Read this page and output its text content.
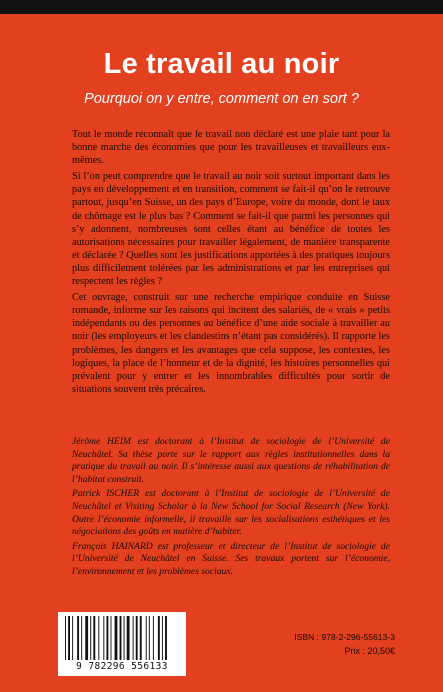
Le travail au noir
Pourquoi on y entre, comment on en sort ?

Tout le monde reconnaît que le travail non déclaré est une plaie tant pour la bonne marche des économies que pour les travailleuses et travailleurs eux-mêmes.

Si l’on peut comprendre que le travail au noir soit surtout important dans les pays en développement et en transition, comment se fait-il qu’on le retrouve partout, jusqu’en Suisse, un des pays d’Europe, voire du monde, dont le taux de chômage est le plus bas ? Comment se fait-il que parmi les personnes qui s’y adonnent, nombreuses sont celles étant au bénéfice de toutes les autorisations nécessaires pour travailler légalement, de manière transparente et déclarée ? Quelles sont les justifications apportées à des pratiques toujours plus difficilement tolérées par les administrations et par les entreprises qui respectent les règles ?

Cet ouvrage, construit sur une recherche empirique conduite en Suisse romande, informe sur les raisons qui incitent des salariés, de « vrais » petits indépendants ou des personnes au bénéfice d’une aide sociale à travailler au noir (les employeurs et les clandestins n’étant pas considérés). Il rapporte les problèmes, les dangers et les avantages que cela suppose, les contextes, les logiques, la place de l’honneur et de la dignité, les histoires personnelles qui prévalent pour y entrer et les innombrables difficultés pour sortir de situations souvent très précaires.

Jérôme HEIM est doctorant à l’Institut de sociologie de l’Université de Neuchâtel. Sa thèse porte sur le rapport aux règles institutionnelles dans la pratique du travail au noir. Il s’intéresse aussi aux questions de réhabilitation de l’habitat construit.

Patrick ISCHER est doctorant à l’Institut de sociologie de l’Université de Neuchâtel et Visiting Scholar à la New School for Social Research (New York). Outre l’économie informelle, il travaille sur les socialisations esthétiques et les négociations des goûts en matière d’habiter.

François HAINARD est professeur et directeur de l’Institut de sociologie de l’Université de Neuchâtel en Suisse. Ses travaux portent sur l’économie, l’environnement et les problèmes sociaux.

9 782296 556133
ISBN : 978-2-296-55613-3
Prix : 20,50€
